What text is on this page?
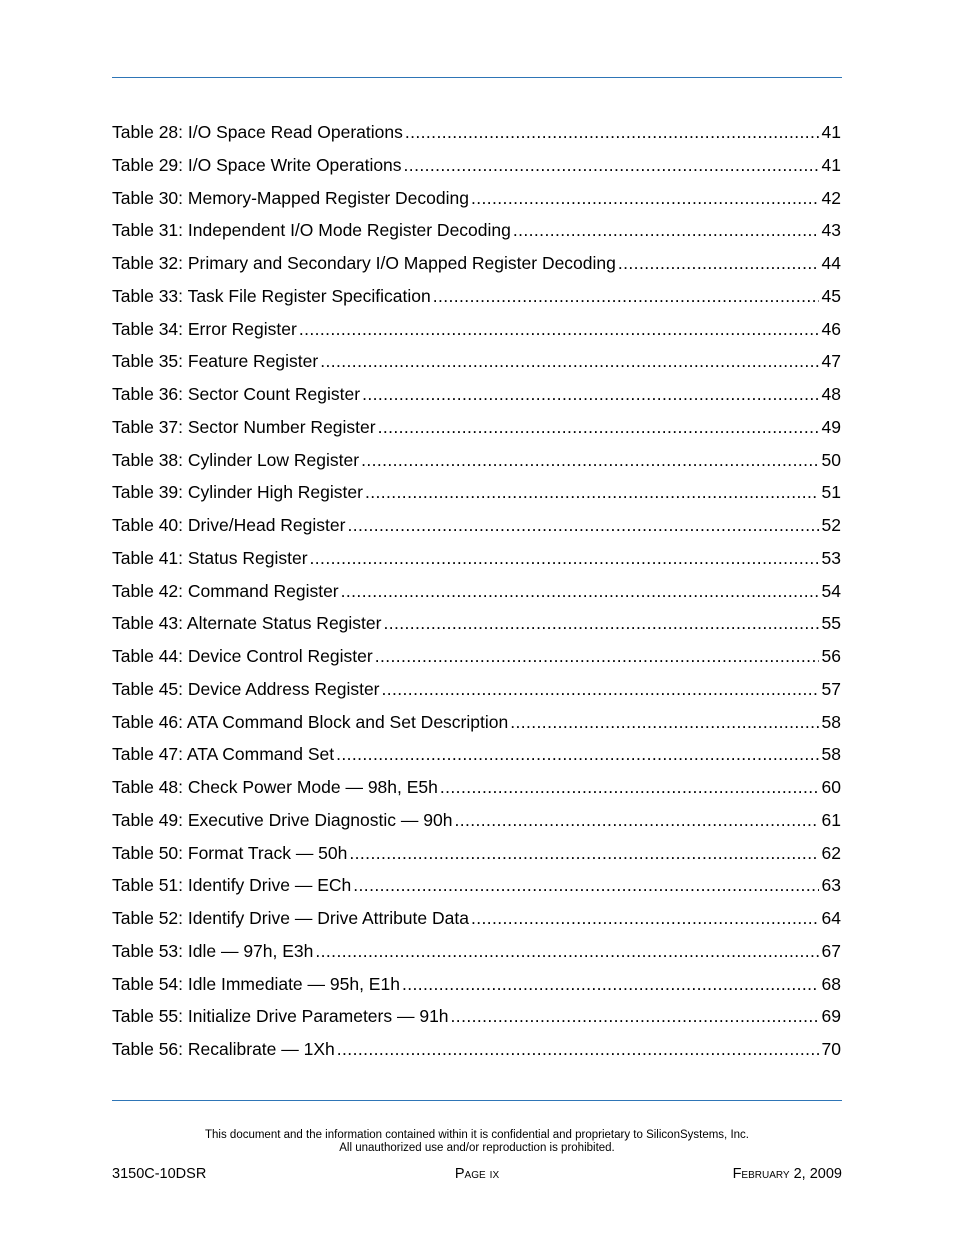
Table 28: I/O Space Read Operations .....	41
Table 29: I/O Space Write Operations .....	41
Table 30: Memory-Mapped Register Decoding .....	42
Table 31: Independent I/O Mode Register Decoding .....	43
Table 32: Primary and Secondary I/O Mapped Register Decoding .....	44
Table 33: Task File Register Specification .....	45
Table 34: Error Register .....	46
Table 35: Feature Register .....	47
Table 36: Sector Count Register .....	48
Table 37: Sector Number Register .....	49
Table 38: Cylinder Low Register .....	50
Table 39: Cylinder High Register .....	51
Table 40: Drive/Head Register .....	52
Table 41: Status Register .....	53
Table 42: Command Register .....	54
Table 43: Alternate Status Register .....	55
Table 44: Device Control Register .....	56
Table 45: Device Address Register .....	57
Table 46: ATA Command Block and Set Description .....	58
Table 47: ATA Command Set .....	58
Table 48: Check Power Mode — 98h, E5h .....	60
Table 49: Executive Drive Diagnostic — 90h .....	61
Table 50: Format Track — 50h .....	62
Table 51: Identify Drive — ECh .....	63
Table 52: Identify Drive — Drive Attribute Data .....	64
Table 53: Idle — 97h, E3h .....	67
Table 54: Idle Immediate — 95h, E1h .....	68
Table 55: Initialize Drive Parameters — 91h .....	69
Table 56: Recalibrate — 1Xh .....	70
This document and the information contained within it is confidential and proprietary to SiliconSystems, Inc.
All unauthorized use and/or reproduction is prohibited.
3150C-10DSR	Page ix	February 2, 2009
